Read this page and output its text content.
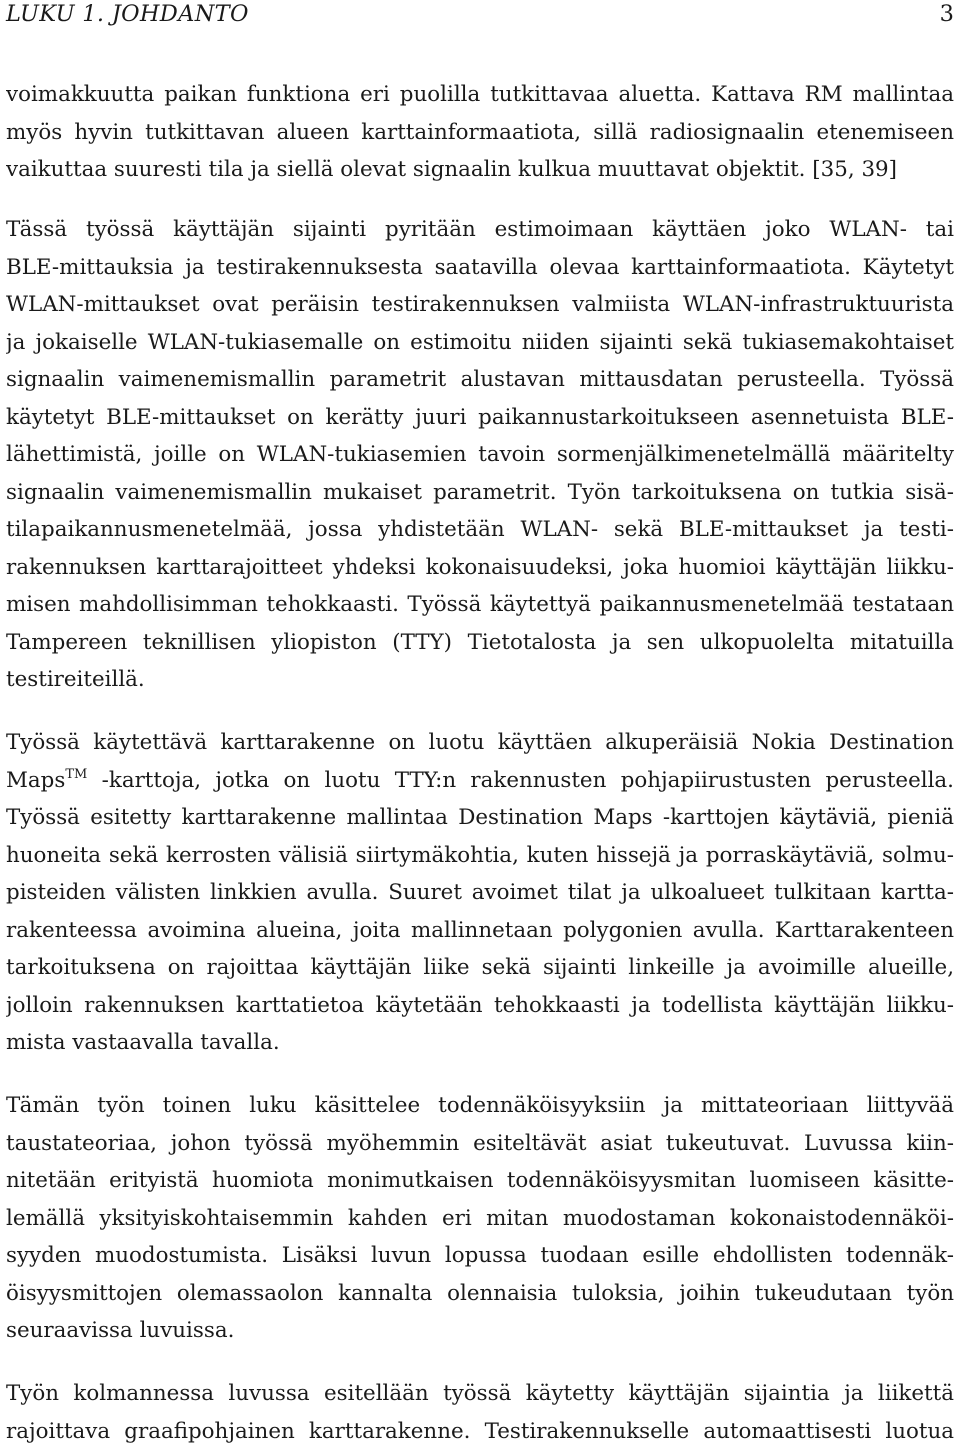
LUKU 1. JOHDANTO	3
voimakkuutta paikan funktiona eri puolilla tutkittavaa aluetta. Kattava RM mallintaa
myös hyvin tutkittavan alueen karttainformaatiota, sillä radiosignaalin etenemiseen
vaikuttaa suuresti tila ja siellä olevat signaalin kulkua muuttavat objektit. [35, 39]
Tässä työssä käyttäjän sijainti pyritään estimoimaan käyttäen joko WLAN- tai
BLE-mittauksia ja testirakennuksesta saatavilla olevaa karttainformaatiota. Käytetyt
WLAN-mittaukset ovat peräisin testirakennuksen valmiista WLAN-infrastruktuurista
ja jokaiselle WLAN-tukiasemalle on estimoitu niiden sijainti sekä tukiasemakohtaiset
signaalin vaimenemismallin parametrit alustavan mittausdatan perusteella. Työssä
käytetyt BLE-mittaukset on kerätty juuri paikannustarkoitukseen asennetuista BLE-
lähettimistä, joille on WLAN-tukiasemien tavoin sormenjälkimenetelmällä määritelty
signaalin vaimenemismallin mukaiset parametrit. Työn tarkoituksena on tutkia sisä-
tilapaikannusmenetelmää, jossa yhdistetään WLAN- sekä BLE-mittaukset ja testi-
rakennuksen karttarajoitteet yhdeksi kokonaisuudeksi, joka huomioi käyttäjän liikku-
misen mahdollisimman tehokkaasti. Työssä käytettyä paikannusmenetelmää testataan
Tampereen teknillisen yliopiston (TTY) Tietotalosta ja sen ulkopuolelta mitatuilla
testireiteillä.
Työssä käytettävä karttarakenne on luotu käyttäen alkuperäisiä Nokia Destination
Maps™ -karttoja, jotka on luotu TTY:n rakennusten pohjapiirustusten perusteella.
Työssä esitetty karttarakenne mallintaa Destination Maps -karttojen käytäviä, pieniä
huoneita sekä kerrosten välisiä siirtymäkohtia, kuten hissejä ja porraskäytäviä, solmu-
pisteiden välisten linkkien avulla. Suuret avoimet tilat ja ulkoalueet tulkitaan kartta-
rakenteessa avoimina alueina, joita mallinnetaan polygonien avulla. Karttarakenteen
tarkoituksena on rajoittaa käyttäjän liike sekä sijainti linkeille ja avoimille alueille,
jolloin rakennuksen karttatietoa käytetään tehokkaasti ja todellista käyttäjän liikku-
mista vastaavalla tavalla.
Tämän työn toinen luku käsittelee todennäköisyyksiin ja mittateoriaan liittyvää
taustateoriaa, johon työssä myöhemmin esiteltävät asiat tukeutuvat. Luvussa kiin-
nitetään erityistä huomiota monimutkaisen todennäköisyysmitan luomiseen käsitte-
lemällä yksityiskohtaisemmin kahden eri mitan muodostaman kokonaistodennäköi-
syyden muodostumista. Lisäksi luvun lopussa tuodaan esille ehdollisten todennäk-
öisyysmittojen olemassaolon kannalta olennaisia tuloksia, joihin tukeudutaan työn
seuraavissa luvuissa.
Työn kolmannessa luvussa esitellään työssä käytetty käyttäjän sijaintia ja liikettä
rajoittava graafipohjainen karttarakenne. Testirakennukselle automaattisesti luotua
